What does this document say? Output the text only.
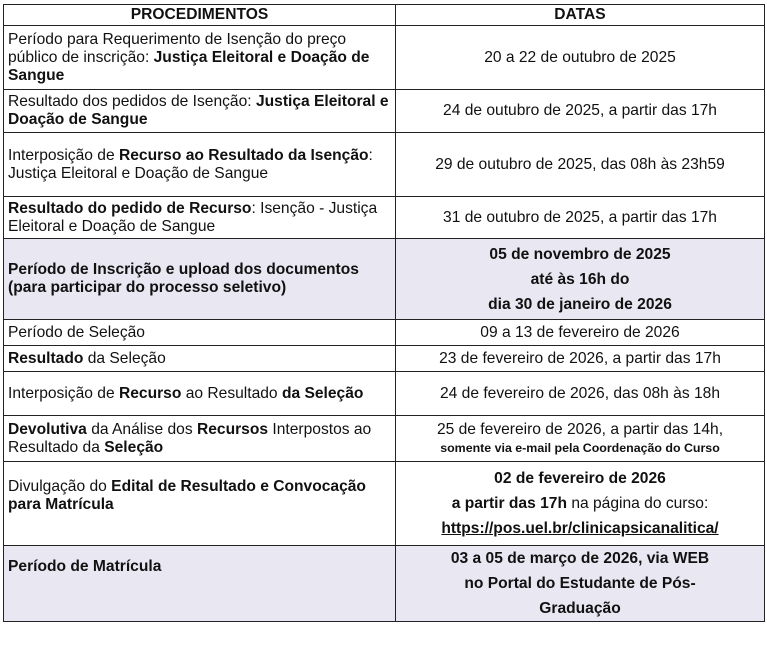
PROCEDIMENTOS	DATAS
Período para Requerimento de Isenção do preço público de inscrição: Justiça Eleitoral e Doação de Sangue	20 a 22 de outubro de 2025
Resultado dos pedidos de Isenção: Justiça Eleitoral e Doação de Sangue	24 de outubro de 2025, a partir das 17h
Interposição de Recurso ao Resultado da Isenção: Justiça Eleitoral e Doação de Sangue	29 de outubro de 2025, das 08h às 23h59
Resultado do pedido de Recurso: Isenção - Justiça Eleitoral e Doação de Sangue	31 de outubro de 2025, a partir das 17h
Período de Inscrição e upload dos documentos (para participar do processo seletivo)	05 de novembro de 2025
até às 16h do
dia 30 de janeiro de 2026
Período de Seleção	09 a 13 de fevereiro de 2026
Resultado da Seleção	23 de fevereiro de 2026, a partir das 17h
Interposição de Recurso ao Resultado da Seleção	24 de fevereiro de 2026, das 08h às 18h
Devolutiva da Análise dos Recursos Interpostos ao Resultado da Seleção	25 de fevereiro de 2026, a partir das 14h,
somente via e-mail pela Coordenação do Curso
Divulgação do Edital de Resultado e Convocação para Matrícula	02 de fevereiro de 2026
a partir das 17h na página do curso:
https://pos.uel.br/clinicapsicanalitica/
Período de Matrícula	03 a 05 de março de 2026, via WEB
no Portal do Estudante de Pós-
Graduação
